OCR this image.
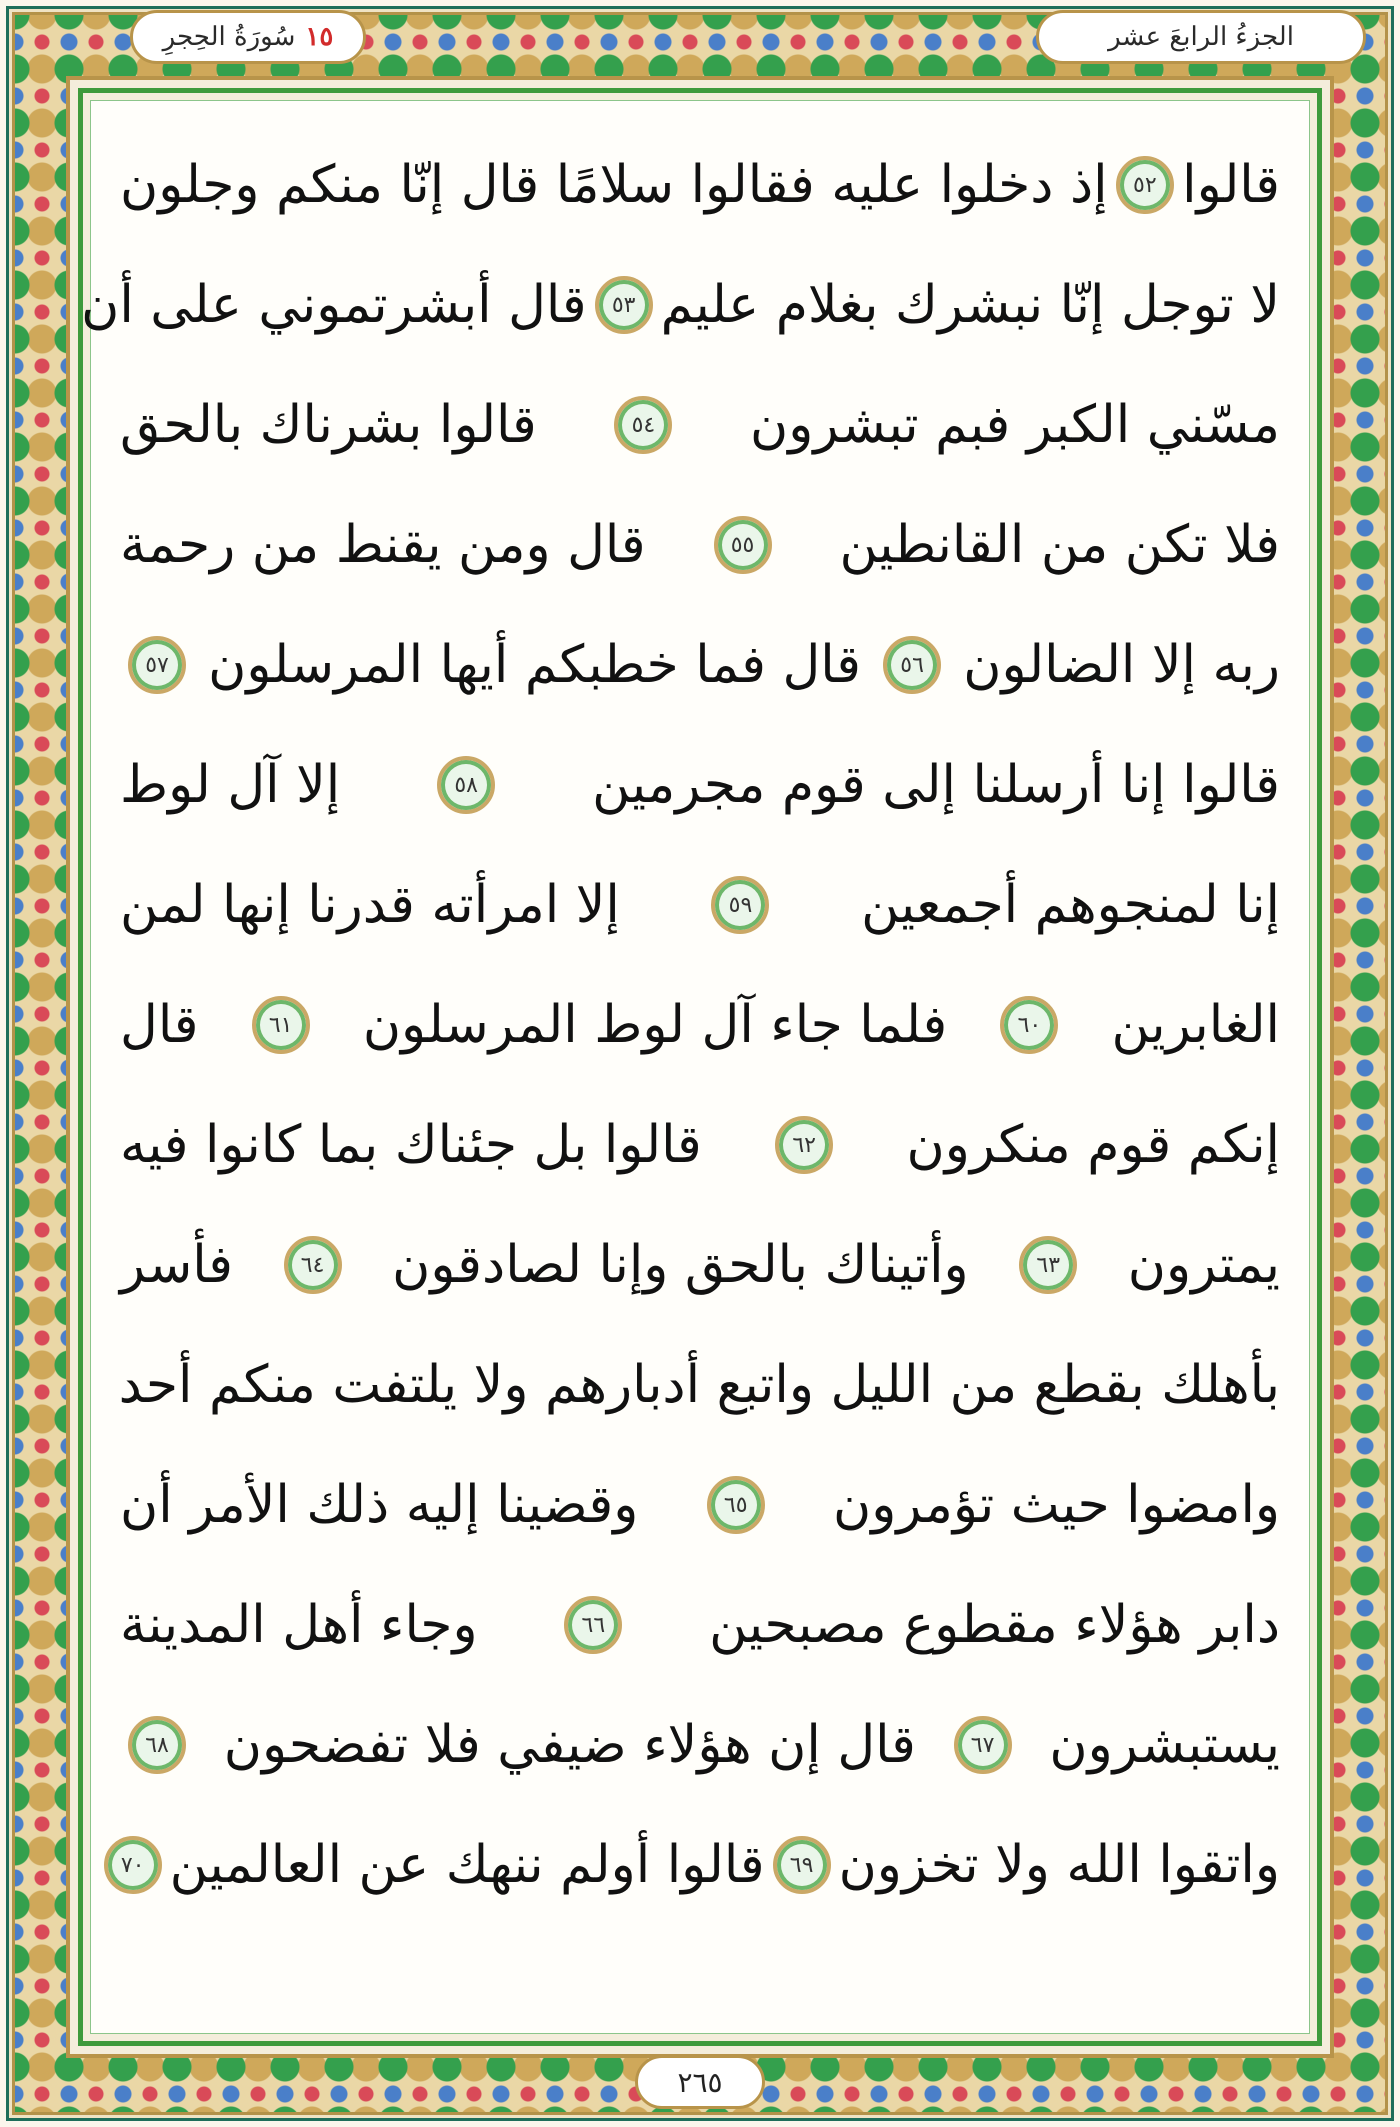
الجزءُ الرابعَ عشر
سُورَةُ الحِجرِ ١٥
قالوا
٥٢
إذ دخلوا عليه فقالوا سلامًا قال إنّا منكم وجلون
لا توجل إنّا نبشرك بغلام عليم
٥٣
قال أبشرتموني على أن
مسّني الكبر فبم تبشرون
٥٤
قالوا بشرناك بالحق
فلا تكن من القانطين
٥٥
قال ومن يقنط من رحمة
ربه إلا الضالون
٥٦
قال فما خطبكم أيها المرسلون
٥٧
قالوا إنا أرسلنا إلى قوم مجرمين
٥٨
إلا آل لوط
إنا لمنجوهم أجمعين
٥٩
إلا امرأته قدرنا إنها لمن
الغابرين
٦٠
فلما جاء آل لوط المرسلون
٦١
قال
إنكم قوم منكرون
٦٢
قالوا بل جئناك بما كانوا فيه
يمترون
٦٣
وأتيناك بالحق وإنا لصادقون
٦٤
فأسر
بأهلك بقطع من الليل واتبع أدبارهم ولا يلتفت منكم أحد
وامضوا حيث تؤمرون
٦٥
وقضينا إليه ذلك الأمر أن
دابر هؤلاء مقطوع مصبحين
٦٦
وجاء أهل المدينة
يستبشرون
٦٧
قال إن هؤلاء ضيفي فلا تفضحون
٦٨
واتقوا الله ولا تخزون
٦٩
قالوا أولم ننهك عن العالمين
٧٠
٢٦٥
